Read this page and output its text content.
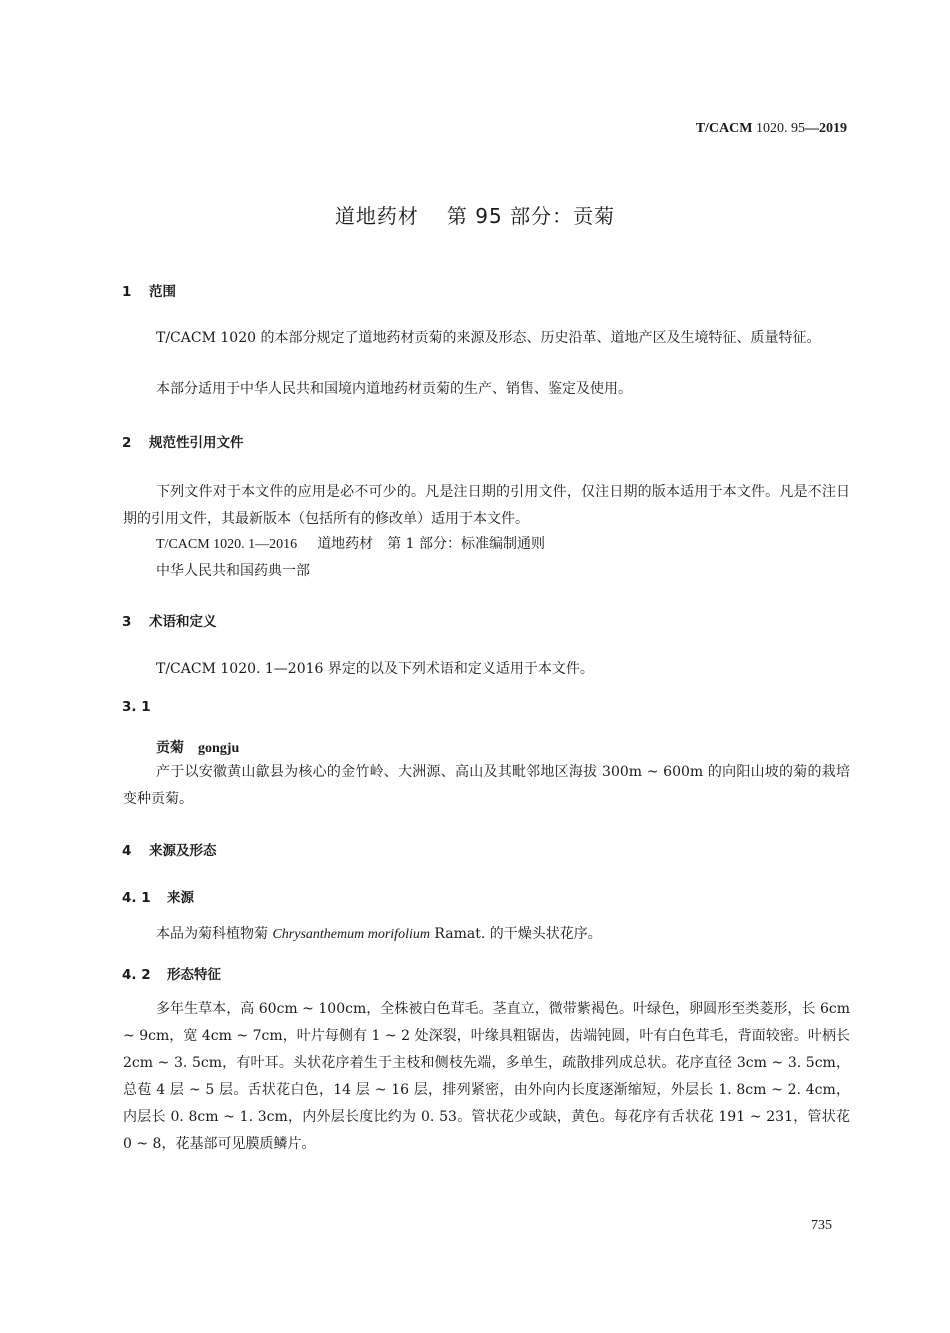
T/CACM 1020. 95—2019
道地药材 第 95 部分：贡菊
1 范围
T/CACM 1020 的本部分规定了道地药材贡菊的来源及形态、历史沿革、道地产区及生境特征、质量特征。
本部分适用于中华人民共和国境内道地药材贡菊的生产、销售、鉴定及使用。
2 规范性引用文件
下列文件对于本文件的应用是必不可少的。凡是注日期的引用文件，仅注日期的版本适用于本文件。凡是不注日期的引用文件，其最新版本（包括所有的修改单）适用于本文件。
T/CACM 1020. 1—2016 道地药材　第 1 部分：标准编制通则
中华人民共和国药典一部
3 术语和定义
T/CACM 1020. 1—2016 界定的以及下列术语和定义适用于本文件。
3. 1
贡菊 gongju
产于以安徽黄山歙县为核心的金竹岭、大洲源、高山及其毗邻地区海拔 300m ~ 600m 的向阳山坡的菊的栽培变种贡菊。
4 来源及形态
4. 1 来源
本品为菊科植物菊 Chrysanthemum morifolium Ramat. 的干燥头状花序。
4. 2 形态特征
多年生草本，高 60cm ~ 100cm，全株被白色茸毛。茎直立，微带紫褐色。叶绿色，卵圆形至类菱形，长 6cm ~ 9cm，宽 4cm ~ 7cm，叶片每侧有 1 ~ 2 处深裂，叶缘具粗锯齿，齿端钝圆，叶有白色茸毛，背面较密。叶柄长 2cm ~ 3. 5cm，有叶耳。头状花序着生于主枝和侧枝先端，多单生，疏散排列成总状。花序直径 3cm ~ 3. 5cm，总苞 4 层 ~ 5 层。舌状花白色，14 层 ~ 16 层，排列紧密，由外向内长度逐渐缩短，外层长 1. 8cm ~ 2. 4cm，内层长 0. 8cm ~ 1. 3cm，内外层长度比约为 0. 53。管状花少或缺，黄色。每花序有舌状花 191 ~ 231，管状花 0 ~ 8，花基部可见膜质鳞片。
735
